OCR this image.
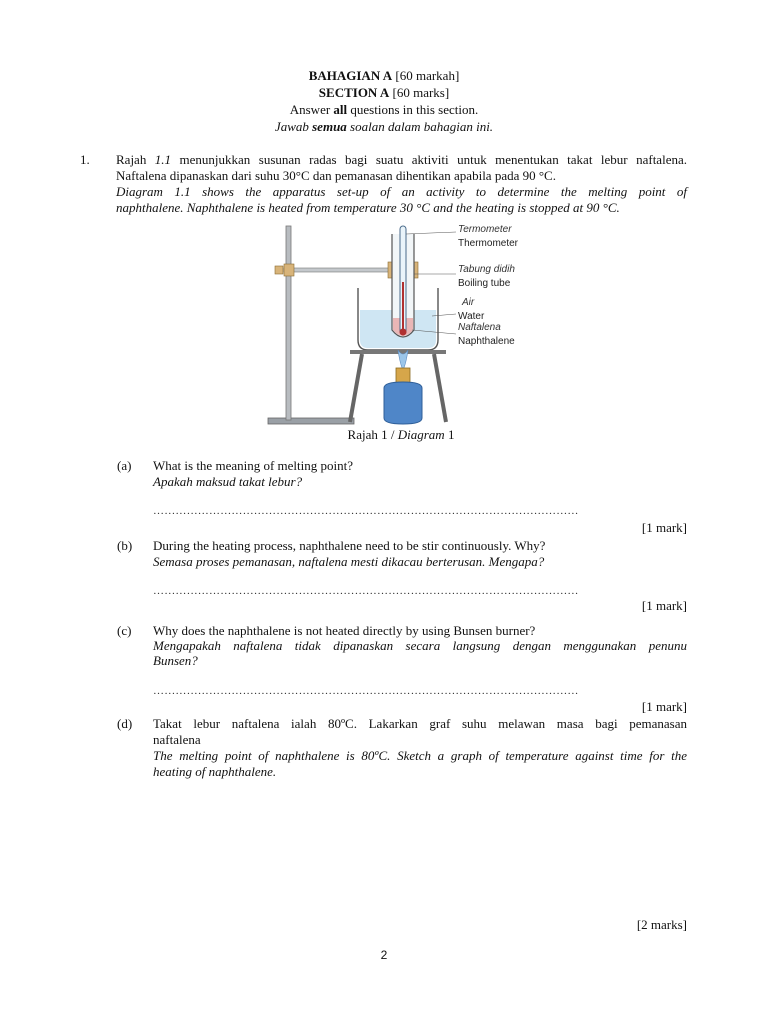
BAHAGIAN A [60 markah]
SECTION A [60 marks]
Answer all questions in this section.
Jawab semua soalan dalam bahagian ini.
1. Rajah 1.1 menunjukkan susunan radas bagi suatu aktiviti untuk menentukan takat lebur naftalena.
Naftalena dipanaskan dari suhu 30°C dan pemanasan dihentikan apabila pada 90 °C.
Diagram 1.1 shows the apparatus set-up of an activity to determine the melting point of
naphthalene. Naphthalene is heated from temperature 30 °C and the heating is stopped at 90 °C.
Termometer
Thermometer
Tabung didih
Boiling tube
Air
Water
Naftalena
Naphthalene
Rajah 1 / Diagram 1
(a) What is the meaning of melting point?
Apakah maksud takat lebur?
……………………………………………………………………………………………………
[1 mark]
(b) During the heating process, naphthalene need to be stir continuously. Why?
Semasa proses pemanasan, naftalena mesti dikacau berterusan. Mengapa?
……………………………………………………………………………………………………
[1 mark]
(c) Why does the naphthalene is not heated directly by using Bunsen burner?
Mengapakah naftalena tidak dipanaskan secara langsung dengan menggunakan penunu
Bunsen?
……………………………………………………………………………………………………
[1 mark]
(d) Takat lebur naftalena ialah 80ºC. Lakarkan graf suhu melawan masa bagi pemanasan
naftalena
The melting point of naphthalene is 80ºC. Sketch a graph of temperature against time for the
heating of naphthalene.
[2 marks]
2
